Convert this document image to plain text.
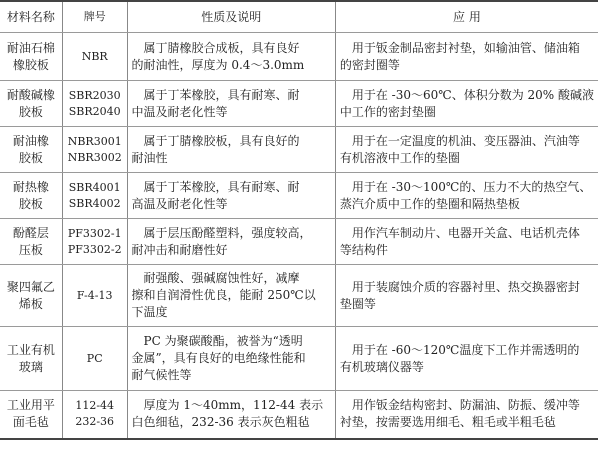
材料名称	牌号	性质及说明	应 用

耐油石棉
橡胶板	NBR	属丁腈橡胶合成板，具有良好
的耐油性，厚度为 0.4～3.0mm	用于钣金制品密封衬垫，如输油管、储油箱
的密封圈等

耐酸碱橡
胶板	SBR2030
SBR2040	属于丁苯橡胶，具有耐寒、耐
中温及耐老化性等	用于在 -30～60℃、体积分数为 20% 酸碱液
中工作的密封垫圈

耐油橡
胶板	NBR3001
NBR3002	属于丁腈橡胶板，具有良好的
耐油性	用于在一定温度的机油、变压器油、汽油等
有机溶液中工作的垫圈

耐热橡
胶板	SBR4001
SBR4002	属于丁苯橡胶，具有耐寒、耐
高温及耐老化性等	用于在 -30～100℃的、压力不大的热空气、
蒸汽介质中工作的垫圈和隔热垫板

酚醛层
压板	PF3302-1
PF3302-2	属于层压酚醛塑料，强度较高，
耐冲击和耐磨性好	用作汽车制动片、电器开关盒、电话机壳体
等结构件

聚四氟乙
烯板	F-4-13	耐强酸、强碱腐蚀性好，减摩
擦和自润滑性优良，能耐 250℃以
下温度	用于装腐蚀介质的容器衬里、热交换器密封
垫圈等

工业有机
玻璃	PC	PC 为聚碳酸酯，被誉为“透明
金属”，具有良好的电绝缘性能和
耐气候性等	用于在 -60～120℃温度下工作并需透明的
有机玻璃仪器等

工业用平
面毛毡	112-44
232-36	厚度为 1～40mm，112-44 表示
白色细毡，232-36 表示灰色粗毡	用作钣金结构密封、防漏油、防振、缓冲等
衬垫，按需要选用细毛、粗毛或半粗毛毡
